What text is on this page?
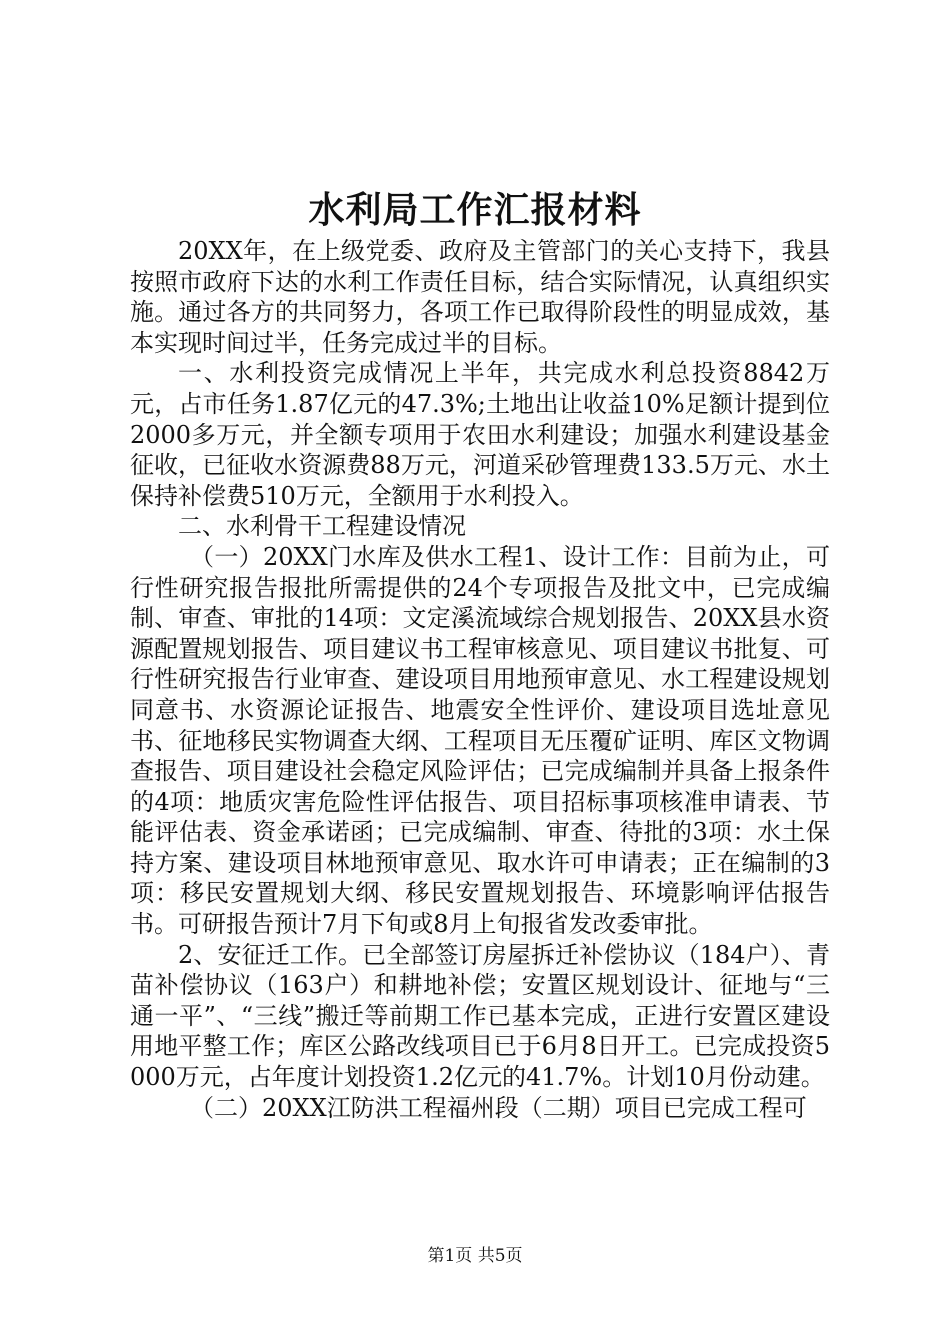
水利局工作汇报材料

20XX年，在上级党委、政府及主管部门的关心支持下，我县按照市政府下达的水利工作责任目标，结合实际情况，认真组织实施。通过各方的共同努力，各项工作已取得阶段性的明显成效，基本实现时间过半，任务完成过半的目标。

一、水利投资完成情况上半年，共完成水利总投资8842万元，占市任务1.87亿元的47.3%;土地出让收益10%足额计提到位2000多万元，并全额专项用于农田水利建设；加强水利建设基金征收，已征收水资源费88万元，河道采砂管理费133.5万元、水土保持补偿费510万元，全额用于水利投入。

二、水利骨干工程建设情况

（一）20XX门水库及供水工程1、设计工作：目前为止，可行性研究报告报批所需提供的24个专项报告及批文中，已完成编制、审查、审批的14项：文定溪流域综合规划报告、20XX县水资源配置规划报告、项目建议书工程审核意见、项目建议书批复、可行性研究报告行业审查、建设项目用地预审意见、水工程建设规划同意书、水资源论证报告、地震安全性评价、建设项目选址意见书、征地移民实物调查大纲、工程项目无压覆矿证明、库区文物调查报告、项目建设社会稳定风险评估；已完成编制并具备上报条件的4项：地质灾害危险性评估报告、项目招标事项核准申请表、节能评估表、资金承诺函；已完成编制、审查、待批的3项：水土保持方案、建设项目林地预审意见、取水许可申请表；正在编制的3项：移民安置规划大纲、移民安置规划报告、环境影响评估报告书。可研报告预计7月下旬或8月上旬报省发改委审批。

2、安征迁工作。已全部签订房屋拆迁补偿协议（184户）、青苗补偿协议（163户）和耕地补偿；安置区规划设计、征地与“三通一平”、“三线”搬迁等前期工作已基本完成，正进行安置区建设用地平整工作；库区公路改线项目已于6月8日开工。已完成投资5000万元，占年度计划投资1.2亿元的41.7%。计划10月份动建。

（二）20XX江防洪工程福州段（二期）项目已完成工程可

第1页 共5页
